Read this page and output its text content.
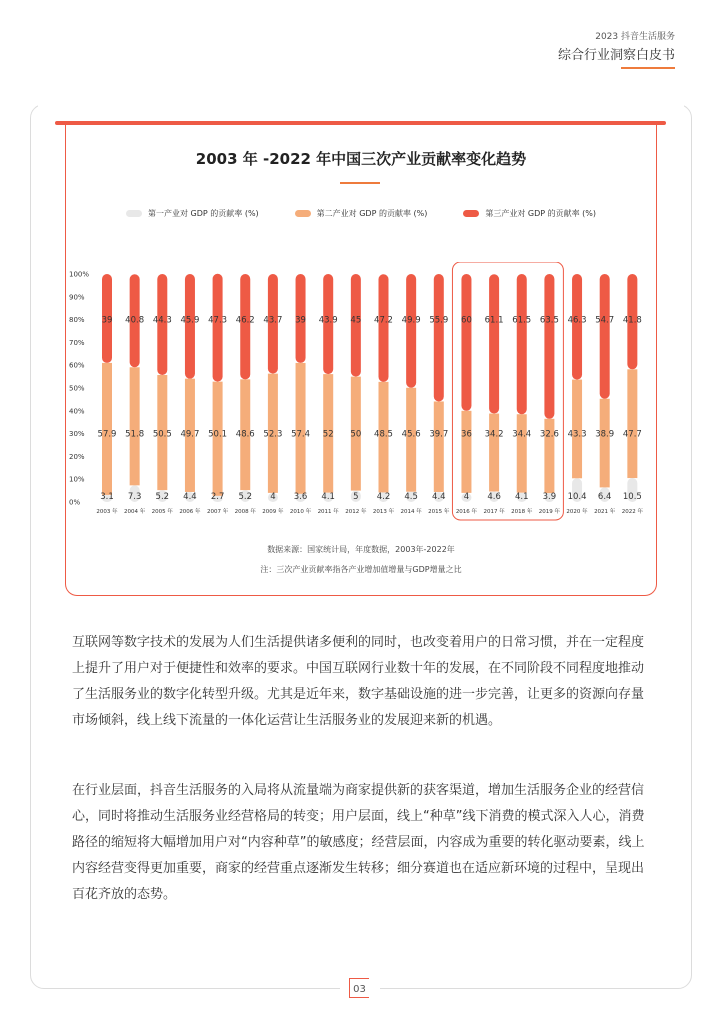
2023 抖音生活服务
综合行业洞察白皮书
2003 年 -2022 年中国三次产业贡献率变化趋势
第一产业对 GDP 的贡献率 (%)	第二产业对 GDP 的贡献率 (%)	第三产业对 GDP 的贡献率 (%)
0%
10%
20%
30%
40%
50%
60%
70%
80%
90%
100%
3.1
57.9
39
2003 年
7.3
51.8
40.8
2004 年
5.2
50.5
44.3
2005 年
4.4
49.7
45.9
2006 年
2.7
50.1
47.3
2007 年
5.2
48.6
46.2
2008 年
4
52.3
43.7
2009 年
3.6
57.4
39
2010 年
4.1
52
43.9
2011 年
5
50
45
2012 年
4.2
48.5
47.2
2013 年
4.5
45.6
49.9
2014 年
4.4
39.7
55.9
2015 年
4
36
60
2016 年
4.6
34.2
61.1
2017 年
4.1
34.4
61.5
2018 年
3.9
32.6
63.5
2019 年
10.4
43.3
46.3
2020 年
6.4
38.9
54.7
2021 年
10.5
47.7
41.8
2022 年
数据来源：国家统计局，年度数据，2003年-2022年
注：三次产业贡献率指各产业增加值增量与GDP增量之比

互联网等数字技术的发展为人们生活提供诸多便利的同时，也改变着用户的日常习惯，并在一定程度上提升了用户对于便捷性和效率的要求。中国互联网行业数十年的发展，在不同阶段不同程度地推动了生活服务业的数字化转型升级。尤其是近年来，数字基础设施的进一步完善，让更多的资源向存量市场倾斜，线上线下流量的一体化运营让生活服务业的发展迎来新的机遇。

在行业层面，抖音生活服务的入局将从流量端为商家提供新的获客渠道，增加生活服务企业的经营信心，同时将推动生活服务业经营格局的转变；用户层面，线上“种草”线下消费的模式深入人心，消费路径的缩短将大幅增加用户对“内容种草”的敏感度；经营层面，内容成为重要的转化驱动要素，线上内容经营变得更加重要，商家的经营重点逐渐发生转移；细分赛道也在适应新环境的过程中，呈现出百花齐放的态势。

03
